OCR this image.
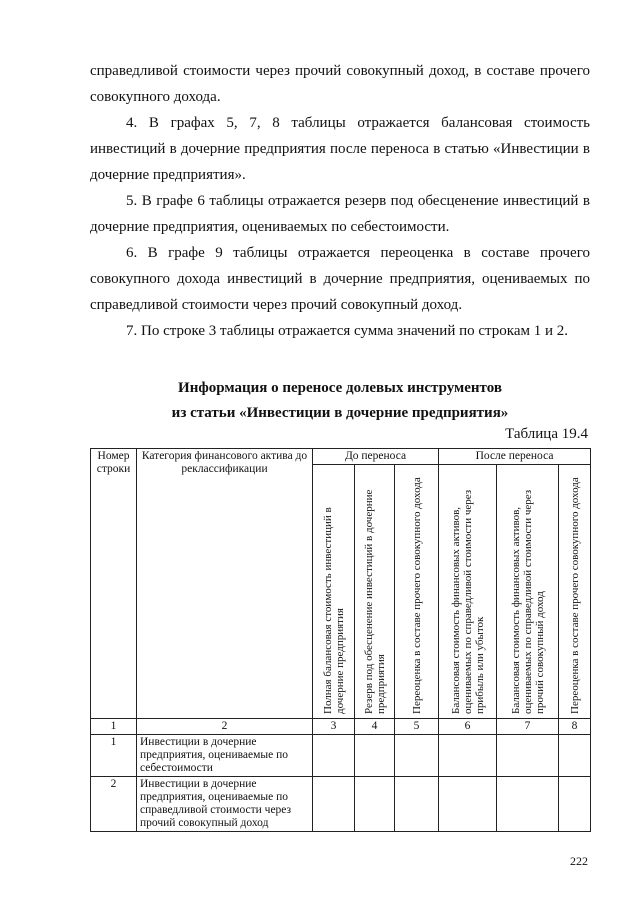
справедливой стоимости через прочий совокупный доход, в составе прочего совокупного дохода.

4. В графах 5, 7, 8 таблицы отражается балансовая стоимость инвестиций в дочерние предприятия после переноса в статью «Инвестиции в дочерние предприятия».

5. В графе 6 таблицы отражается резерв под обесценение инвестиций в дочерние предприятия, оцениваемых по себестоимости.

6. В графе 9 таблицы отражается переоценка в составе прочего совокупного дохода инвестиций в дочерние предприятия, оцениваемых по справедливой стоимости через прочий совокупный доход.

7. По строке 3 таблицы отражается сумма значений по строкам 1 и 2.

Информация о переносе долевых инструментов

из статьи «Инвестиции в дочерние предприятия»

Таблица 19.4
Номер строки	Категория финансового актива до реклассификации	До переноса			После переноса		

		Полная балансовая стоимость инвестиций в дочерние предприятия	Резерв под обесценение инвестиций в дочерние предприятия	Переоценка в составе прочего совокупного дохода	Балансовая стоимость финансовых активов, оцениваемых по справедливой стоимости через прибыль или убыток	Балансовая стоимость финансовых активов, оцениваемых по справедливой стоимости через прочий совокупный доход	Переоценка в составе прочего совокупного дохода

1	2	3	4	5	6	7	8
1	Инвестиции в дочерние предприятия, оцениваемые по себестоимости						
2	Инвестиции в дочерние предприятия, оцениваемые по справедливой стоимости через прочий совокупный доход						
222
